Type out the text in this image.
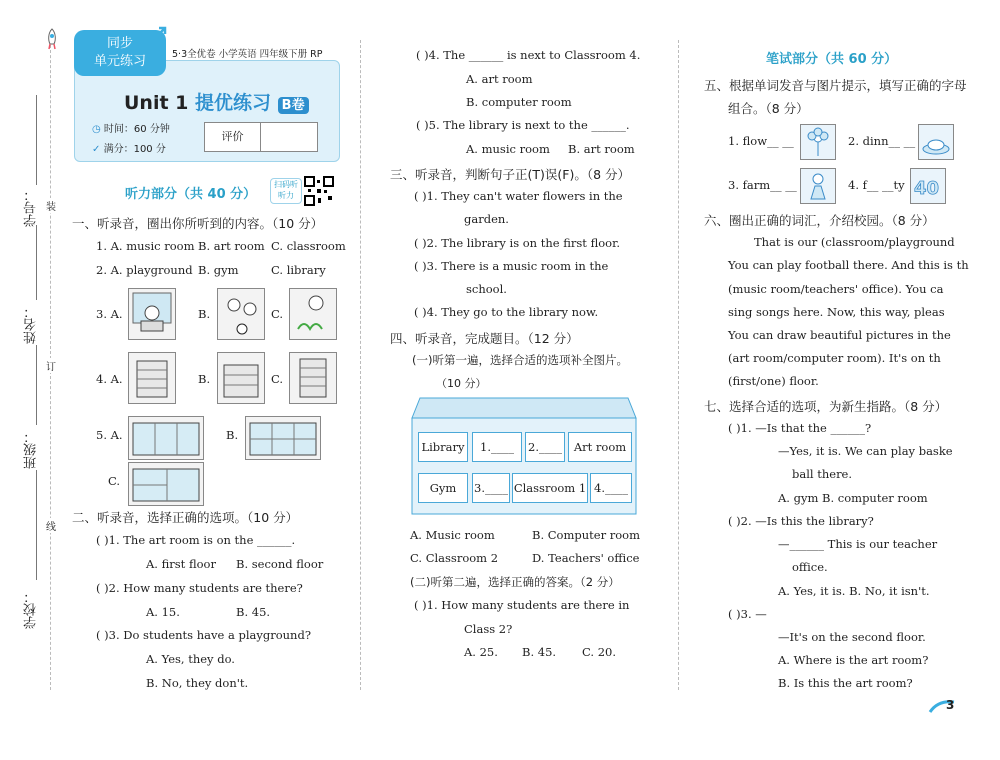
学校：
班级：
姓名：
学号： 装
订
线
同步
单元练习	5·3全优卷 小学英语 四年级下册 RP
Unit 1 提优练习 B卷
◷ 时间：60 分钟
✓ 满分：100 分
评价
听力部分（共 40 分）
扫码听听力
一、听录音，圈出你所听到的内容。（10 分）
1. A. music room B. art room C. classroom
2. A. playground B. gym	C. library
3. A.	B.	C.
4. A.	B.	C.
5. A.	B.
C.
二、听录音，选择正确的选项。（10 分）
( )1. The art room is on the ______.
A. first floor B. second floor
( )2. How many students are there?
A. 15.	B. 45.
( )3. Do students have a playground?
A. Yes, they do.
B. No, they don't.
( )4. The ______ is next to Classroom 4.
A. art room
B. computer room
( )5. The library is next to the ______.
A. music room B. art room
三、听录音，判断句子正(T)误(F)。（8 分）
( )1. They can't water flowers in the
garden.
( )2. The library is on the first floor.
( )3. There is a music room in the
school.
( )4. They go to the library now.
四、听录音，完成题目。（12 分）
(一)听第一遍，选择合适的选项补全图片。
（10 分）
Library	1.____	2.____	Art room
Gym	3.____ Classroom 1 4.____
A. Music room	B. Computer room
C. Classroom 2	D. Teachers' office
(二)听第二遍，选择正确的答案。（2 分）
( )1. How many students are there in
Class 2?
A. 25. B. 45. C. 20.
笔试部分（共 60 分）
五、根据单词发音与图片提示，填写正确的字母
组合。（8 分）
1. flow__ __	2. dinn__ __
3. farm__ __	4. f__ __ty 40
六、圈出正确的词汇，介绍校园。（8 分）
That is our (classroom/playground
You can play football there. And this is th
(music room/teachers' office). You ca
sing songs here. Now, this way, pleas
You can draw beautiful pictures in the
(art room/computer room). It's on th
(first/one) floor.
七、选择合适的选项，为新生指路。（8 分）
( )1. —Is that the ______?
—Yes, it is. We can play baske
ball there.
A. gym B. computer room
( )2. —Is this the library?
—______ This is our teacher
office.
A. Yes, it is. B. No, it isn't.
( )3. —
—It's on the second floor.
A. Where is the art room?
B. Is this the art room?
3
